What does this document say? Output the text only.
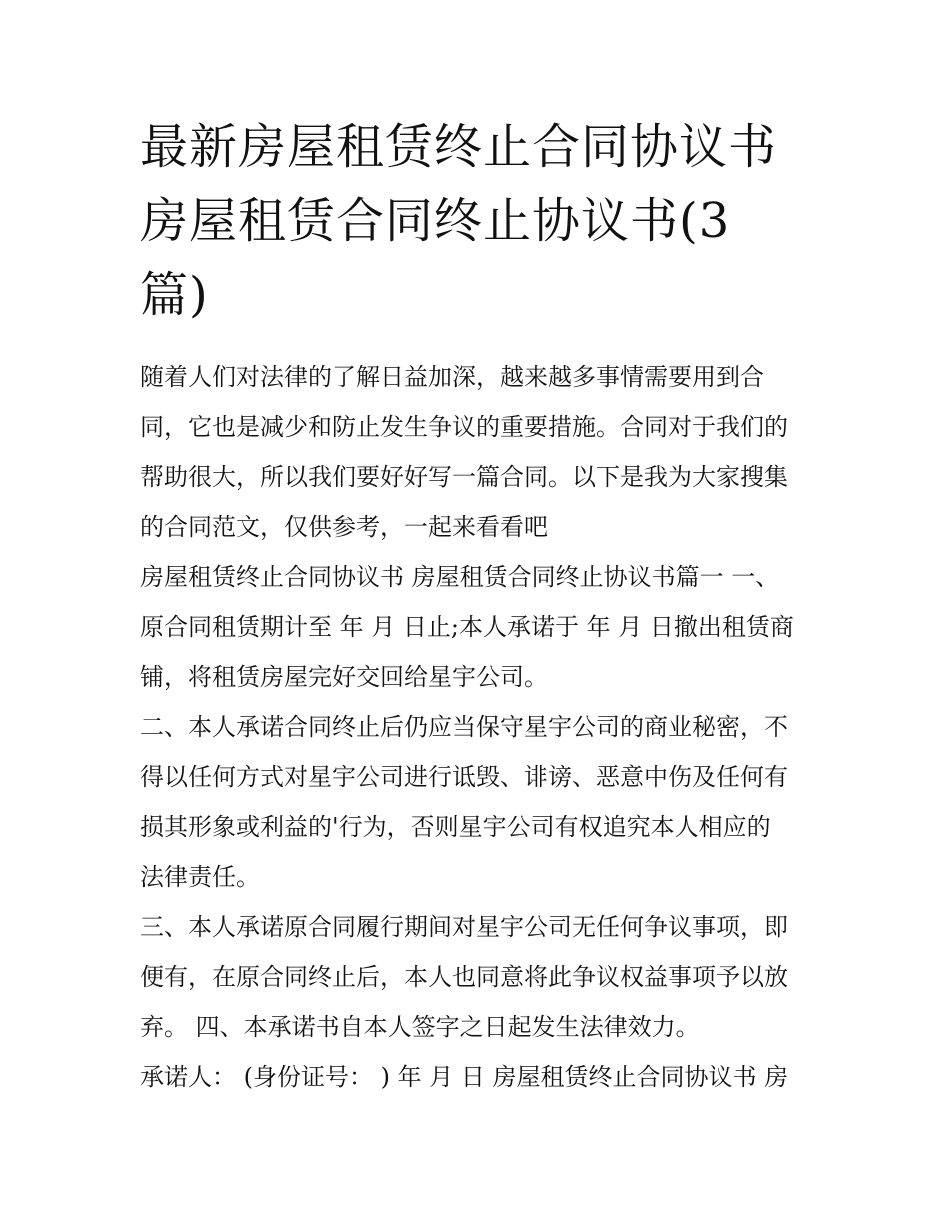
最新房屋租赁终止合同协议书
房屋租赁合同终止协议书(3
篇)

随着人们对法律的了解日益加深，越来越多事情需要用到合
同，它也是减少和防止发生争议的重要措施。合同对于我们的
帮助很大，所以我们要好好写一篇合同。以下是我为大家搜集
的合同范文，仅供参考，一起来看看吧

房屋租赁终止合同协议书 房屋租赁合同终止协议书篇一 一、
原合同租赁期计至 年 月 日止;本人承诺于 年 月 日撤出租赁商
铺，将租赁房屋完好交回给星宇公司。

二、本人承诺合同终止后仍应当保守星宇公司的商业秘密，不
得以任何方式对星宇公司进行诋毁、诽谤、恶意中伤及任何有
损其形象或利益的'行为，否则星宇公司有权追究本人相应的
法律责任。

三、本人承诺原合同履行期间对星宇公司无任何争议事项，即
便有，在原合同终止后，本人也同意将此争议权益事项予以放
弃。 四、本承诺书自本人签字之日起发生法律效力。

承诺人： (身份证号： ) 年 月 日 房屋租赁终止合同协议书 房
